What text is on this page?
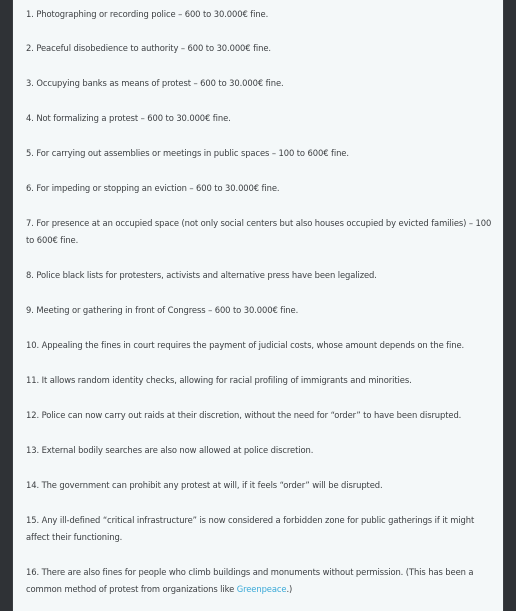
1. Photographing or recording police – 600 to 30.000€ fine.
2. Peaceful disobedience to authority – 600 to 30.000€ fine.
3. Occupying banks as means of protest – 600 to 30.000€ fine.
4. Not formalizing a protest – 600 to 30.000€ fine.
5. For carrying out assemblies or meetings in public spaces – 100 to 600€ fine.
6. For impeding or stopping an eviction – 600 to 30.000€ fine.
7. For presence at an occupied space (not only social centers but also houses occupied by evicted families) – 100 to 600€ fine.
8. Police black lists for protesters, activists and alternative press have been legalized.
9. Meeting or gathering in front of Congress – 600 to 30.000€ fine.
10. Appealing the fines in court requires the payment of judicial costs, whose amount depends on the fine.
11. It allows random identity checks, allowing for racial profiling of immigrants and minorities.
12. Police can now carry out raids at their discretion, without the need for “order” to have been disrupted.
13. External bodily searches are also now allowed at police discretion.
14. The government can prohibit any protest at will, if it feels “order” will be disrupted.
15. Any ill-defined “critical infrastructure” is now considered a forbidden zone for public gatherings if it might affect their functioning.
16. There are also fines for people who climb buildings and monuments without permission. (This has been a common method of protest from organizations like Greenpeace.)
